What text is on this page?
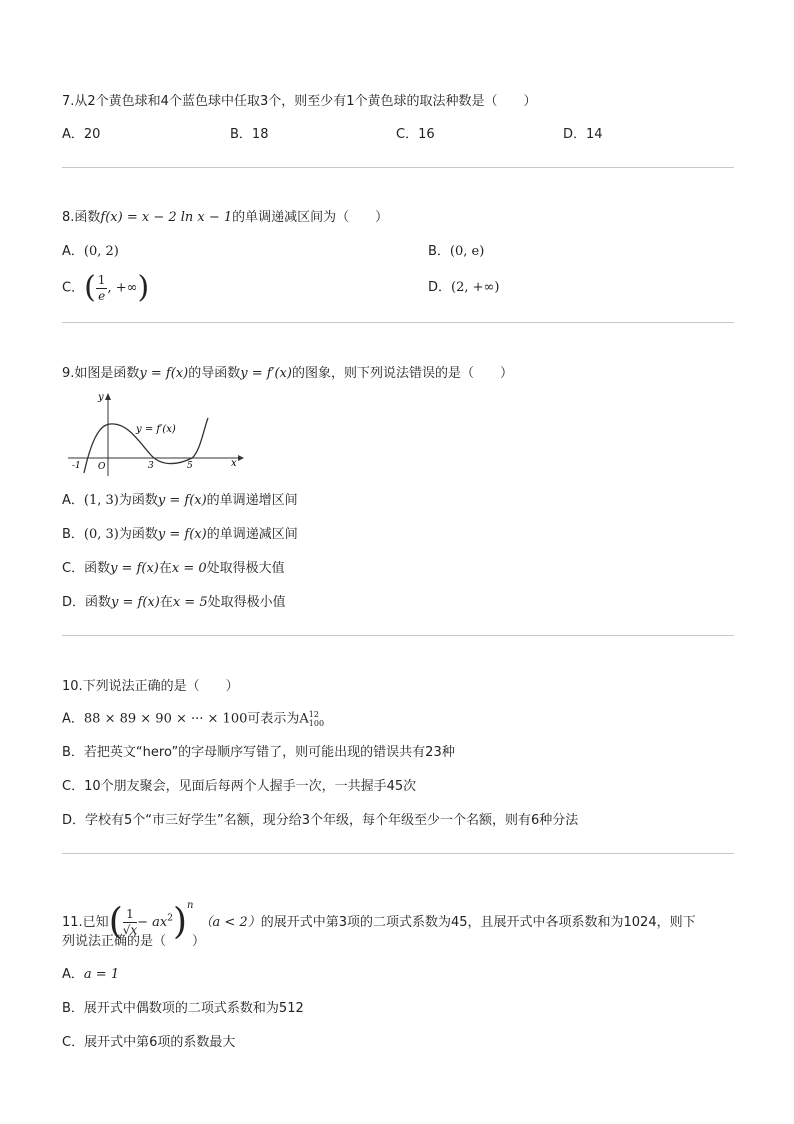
7.从2个黄色球和4个蓝色球中任取3个，则至少有1个黄色球的取法种数是（　　）
A．20	B．18	C．16	D．14
8.函数f(x) = x − 2 ln x − 1的单调递减区间为（　　）
A．(0, 2)	B．(0, e)
C．( $\frac{1}{e}$ , +∞)	D．(2, +∞)
9.如图是函数y = f(x)的导函数y = f′(x)的图象，则下列说法错误的是（　　）
y
x
y = f′(x)
-1 O	3	5
A．(1, 3)为函数y = f(x)的单调递增区间
B．(0, 3)为函数y = f(x)的单调递减区间
C．函数y = f(x)在x = 0处取得极大值
D．函数y = f(x)在x = 5处取得极小值
10.下列说法正确的是（　　）
A．88 × 89 × 90 × ··· × 100可表示为A 12
100
B．若把英文“hero”的字母顺序写错了，则可能出现的错误共有23种
C．10个朋友聚会，见面后每两个人握手一次，一共握手45次
D．学校有5个“市三好学生”名额，现分给3个年级，每个年级至少一个名额，则有6种分法
11.已知( $\frac{1}{√x} - ax^2)^n(a < 2)$的展开式中第3项的二项式系数为45，且展开式中各项系数和为1024，则下
列说法正确的是（　　）
A．a = 1
B．展开式中偶数项的二项式系数和为512
C．展开式中第6项的系数最大
